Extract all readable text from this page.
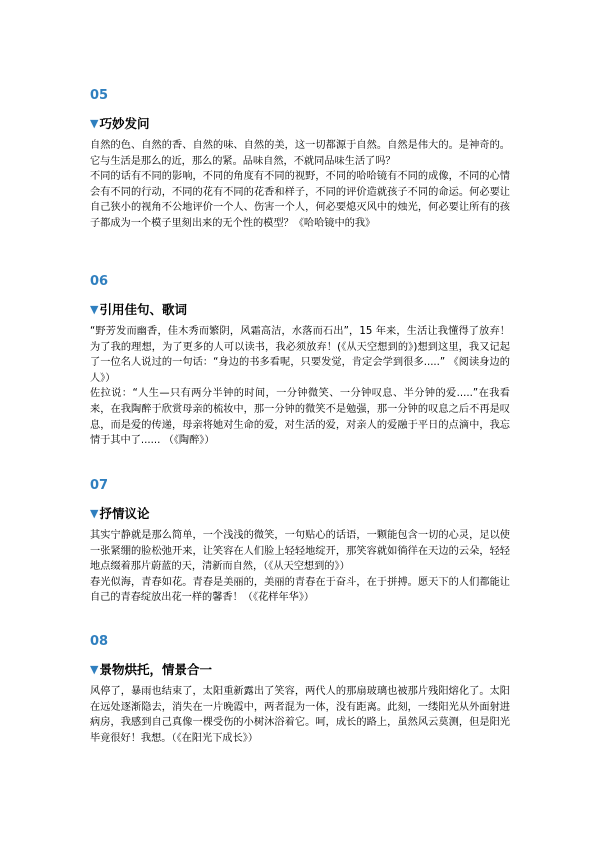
05
▼ 巧妙发问

自然的色、自然的香、自然的味、自然的美，这一切都源于自然。自然是伟大的。是神奇的。它与生活是那么的近，那么的紧。品味自然，不就同品味生活了吗？

不同的话有不同的影响，不同的角度有不同的视野，不同的哈哈镜有不同的成像，不同的心情会有不同的行动，不同的花有不同的花香和样子，不同的评价造就孩子不同的命运。何必要让自己狭小的视角不公地评价一个人、伤害一个人，何必要熄灭风中的烛光，何必要让所有的孩子都成为一个模子里刻出来的无个性的模型？《哈哈镜中的我》

06
▼ 引用佳句、歌词

“野芳发而幽香，佳木秀而繁阴，风霜高洁，水落而石出”，15 年来，生活让我懂得了放弃！为了我的理想，为了更多的人可以读书，我必须放弃！(《从天空想到的》)想到这里，我又记起了一位名人说过的一句话：“身边的书多看呢，只要发觉，肯定会学到很多.....” 《阅读身边的人》）

佐拉说：“人生—只有两分半钟的时间，一分钟微笑、一分钟叹息、半分钟的爱.....”在我看来，在我陶醉于欣赏母亲的梳妆中，那一分钟的微笑不是勉强，那一分钟的叹息之后不再是叹息，而是爱的传递，母亲将她对生命的爱，对生活的爱，对亲人的爱融于平日的点滴中，我忘情于其中了...... （《陶醉》）

07
▼ 抒情议论

其实宁静就是那么简单，一个浅浅的微笑，一句贴心的话语，一颗能包含一切的心灵，足以使一张紧绷的脸松弛开来，让笑容在人们脸上轻轻地绽开，那笑容就如徜徉在天边的云朵，轻轻地点缀着那片蔚蓝的天，清新而自然，（《从天空想到的》）

春光似海，青春如花。青春是美丽的，美丽的青春在于奋斗，在于拼搏。愿天下的人们都能让自己的青春绽放出花一样的馨香！（《花样年华》）

08
▼ 景物烘托，情景合一

风停了，暴雨也结束了，太阳重新露出了笑容，两代人的那扇玻璃也被那片残阳熔化了。太阳在远处逐渐隐去，消失在一片晚霞中，两者混为一体，没有距离。此刻，一缕阳光从外面射进病房，我感到自己真像一棵受伤的小树沐浴着它。呵，成长的路上，虽然风云莫测，但是阳光毕竟很好！我想。（《在阳光下成长》）
